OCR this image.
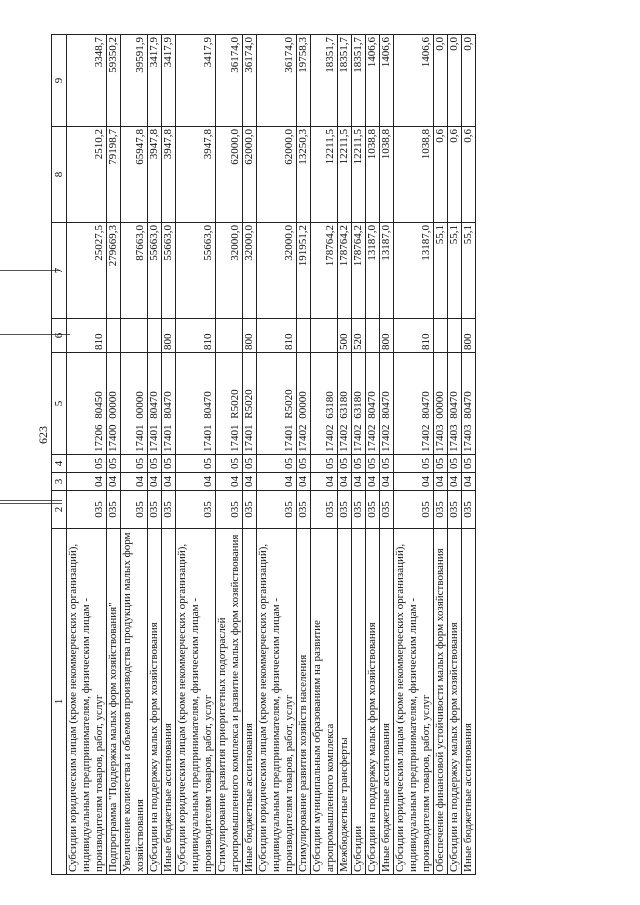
623
1	2	3	4	5	6	7	8	9
Субсидии юридическим лицам (кроме некоммерческих организаций), индивидуальным предпринимателям, физическим лицам - производителям товаров, работ, услуг	035	04	05	17206 80450	810	25027,5	2510,2	3348,7
Подпрограмма "Поддержка малых форм хозяйствования"	035	04	05	17400 00000		279669,3	79198,7	59350,2
Увеличение количества и объемов производства продукции малых форм хозяйствования	035	04	05	17401 00000		87663,0	65947,8	39591,9
Субсидии на поддержку малых форм хозяйствования	035	04	05	17401 80470		55663,0	3947,8	3417,9
Иные бюджетные ассигнования	035	04	05	17401 80470	800	55663,0	3947,8	3417,9
Субсидии юридическим лицам (кроме некоммерческих организаций), индивидуальным предпринимателям, физическим лицам - производителям товаров, работ, услуг	035	04	05	17401 80470	810	55663,0	3947,8	3417,9
Стимулирование развития приоритетных подотраслей агропромышленного комплекса и развитие малых форм хозяйствования	035	04	05	17401 R5020		32000,0	62000,0	36174,0
Иные бюджетные ассигнования	035	04	05	17401 R5020	800	32000,0	62000,0	36174,0
Субсидии юридическим лицам (кроме некоммерческих организаций), индивидуальным предпринимателям, физическим лицам - производителям товаров, работ, услуг	035	04	05	17401 R5020	810	32000,0	62000,0	36174,0
Стимулирование развития хозяйств населения	035	04	05	17402 00000		191951,2	13250,3	19758,3
Субсидии муниципальным образованиям на развитие агропромышленного комплекса	035	04	05	17402 63180		178764,2	12211,5	18351,7
Межбюджетные трансферты	035	04	05	17402 63180	500	178764,2	12211,5	18351,7
Субсидии	035	04	05	17402 63180	520	178764,2	12211,5	18351,7
Субсидии на поддержку малых форм хозяйствования	035	04	05	17402 80470		13187,0	1038,8	1406,6
Иные бюджетные ассигнования	035	04	05	17402 80470	800	13187,0	1038,8	1406,6
Субсидии юридическим лицам (кроме некоммерческих организаций), индивидуальным предпринимателям, физическим лицам - производителям товаров, работ, услуг	035	04	05	17402 80470	810	13187,0	1038,8	1406,6
Обеспечение финансовой устойчивости малых форм хозяйствования	035	04	05	17403 00000		55,1	0,6	0,0
Субсидии на поддержку малых форм хозяйствования	035	04	05	17403 80470		55,1	0,6	0,0
Иные бюджетные ассигнования	035	04	05	17403 80470	800	55,1	0,6	0,0
